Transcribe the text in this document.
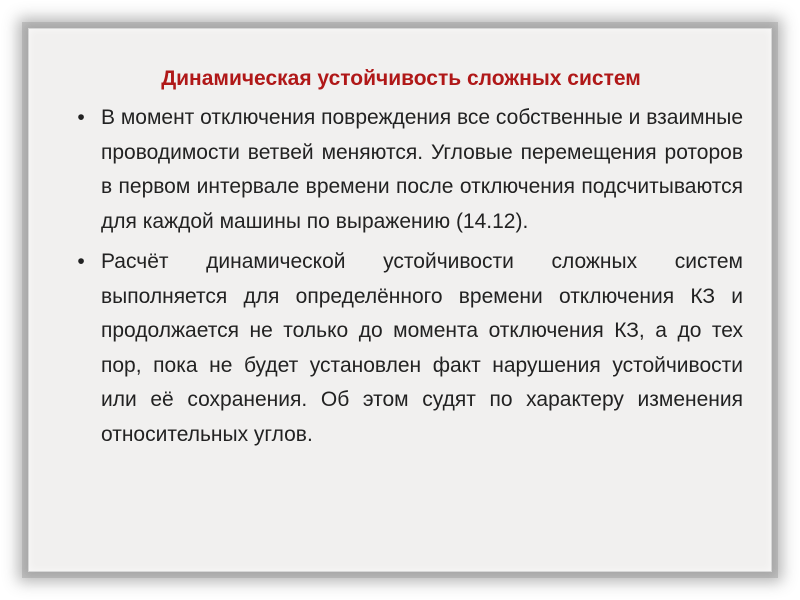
Динамическая устойчивость сложных систем
• В момент отключения повреждения все собственные и взаимные проводимости ветвей меняются. Угловые перемещения роторов в первом интервале времени после отключения подсчитываются для каждой машины по выражению (14.12).
• Расчёт динамической устойчивости сложных систем выполняется для определённого времени отключения КЗ и продолжается не только до момента отключения КЗ, а до тех пор, пока не будет установлен факт нарушения устойчивости или её сохранения. Об этом судят по характеру изменения относительных углов.
